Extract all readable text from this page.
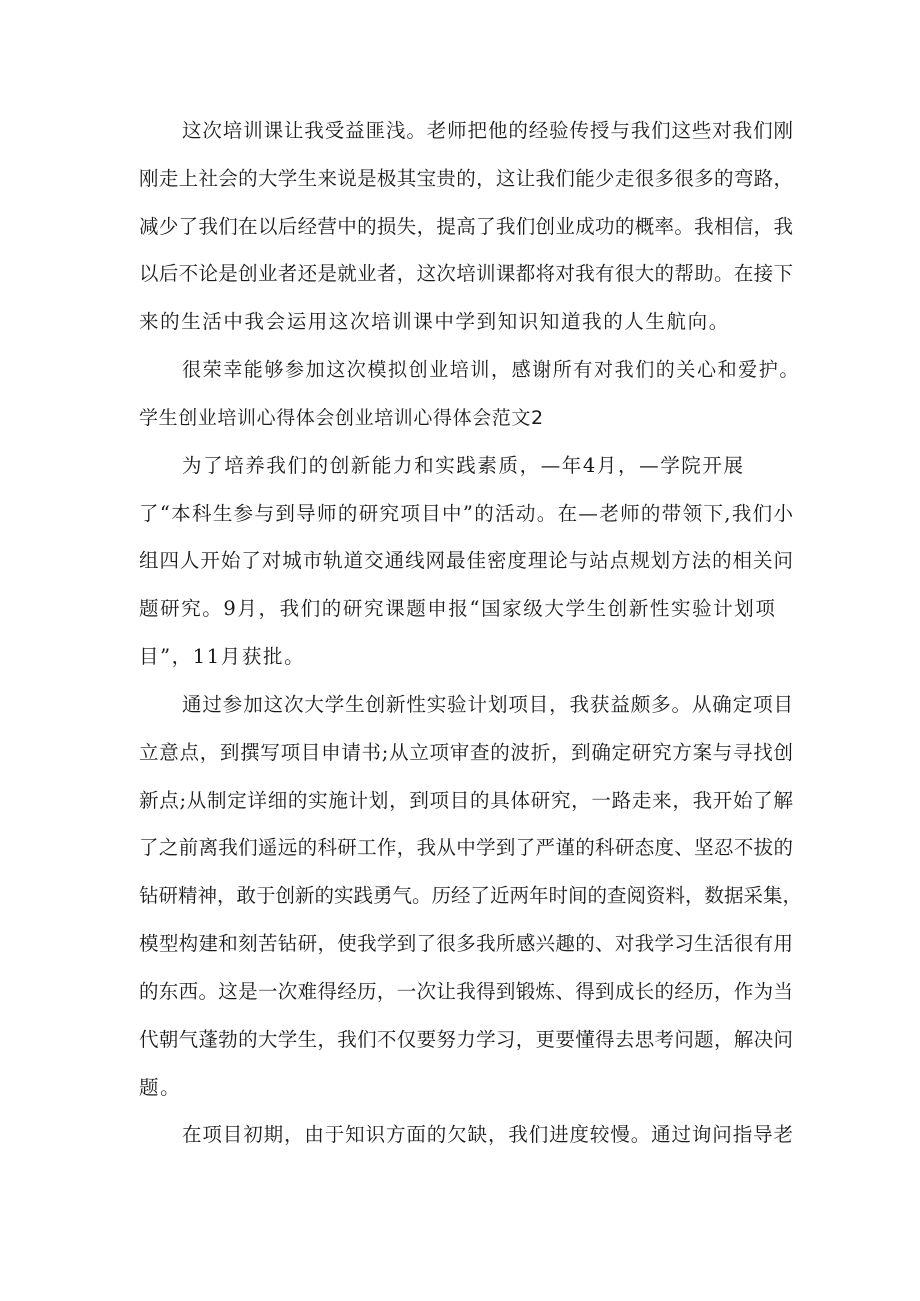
这次培训课让我受益匪浅。老师把他的经验传授与我们这些对我们刚
刚走上社会的大学生来说是极其宝贵的，这让我们能少走很多很多的弯路，
减少了我们在以后经营中的损失，提高了我们创业成功的概率。我相信，我
以后不论是创业者还是就业者，这次培训课都将对我有很大的帮助。在接下
来的生活中我会运用这次培训课中学到知识知道我的人生航向。
很荣幸能够参加这次模拟创业培训，感谢所有对我们的关心和爱护。
学生创业培训心得体会创业培训心得体会范文2
为了培养我们的创新能力和实践素质，—年4月，—学院开展
了“本科生参与到导师的研究项目中”的活动。在—老师的带领下,我们小
组四人开始了对城市轨道交通线网最佳密度理论与站点规划方法的相关问
题研究。9月，我们的研究课题申报“国家级大学生创新性实验计划项
目”，11月获批。
通过参加这次大学生创新性实验计划项目，我获益颇多。从确定项目
立意点，到撰写项目申请书;从立项审查的波折，到确定研究方案与寻找创
新点;从制定详细的实施计划，到项目的具体研究，一路走来，我开始了解
了之前离我们遥远的科研工作，我从中学到了严谨的科研态度、坚忍不拔的
钻研精神，敢于创新的实践勇气。历经了近两年时间的查阅资料，数据采集，
模型构建和刻苦钻研，使我学到了很多我所感兴趣的、对我学习生活很有用
的东西。这是一次难得经历，一次让我得到锻炼、得到成长的经历，作为当
代朝气蓬勃的大学生，我们不仅要努力学习，更要懂得去思考问题，解决问
题。
在项目初期，由于知识方面的欠缺，我们进度较慢。通过询问指导老
